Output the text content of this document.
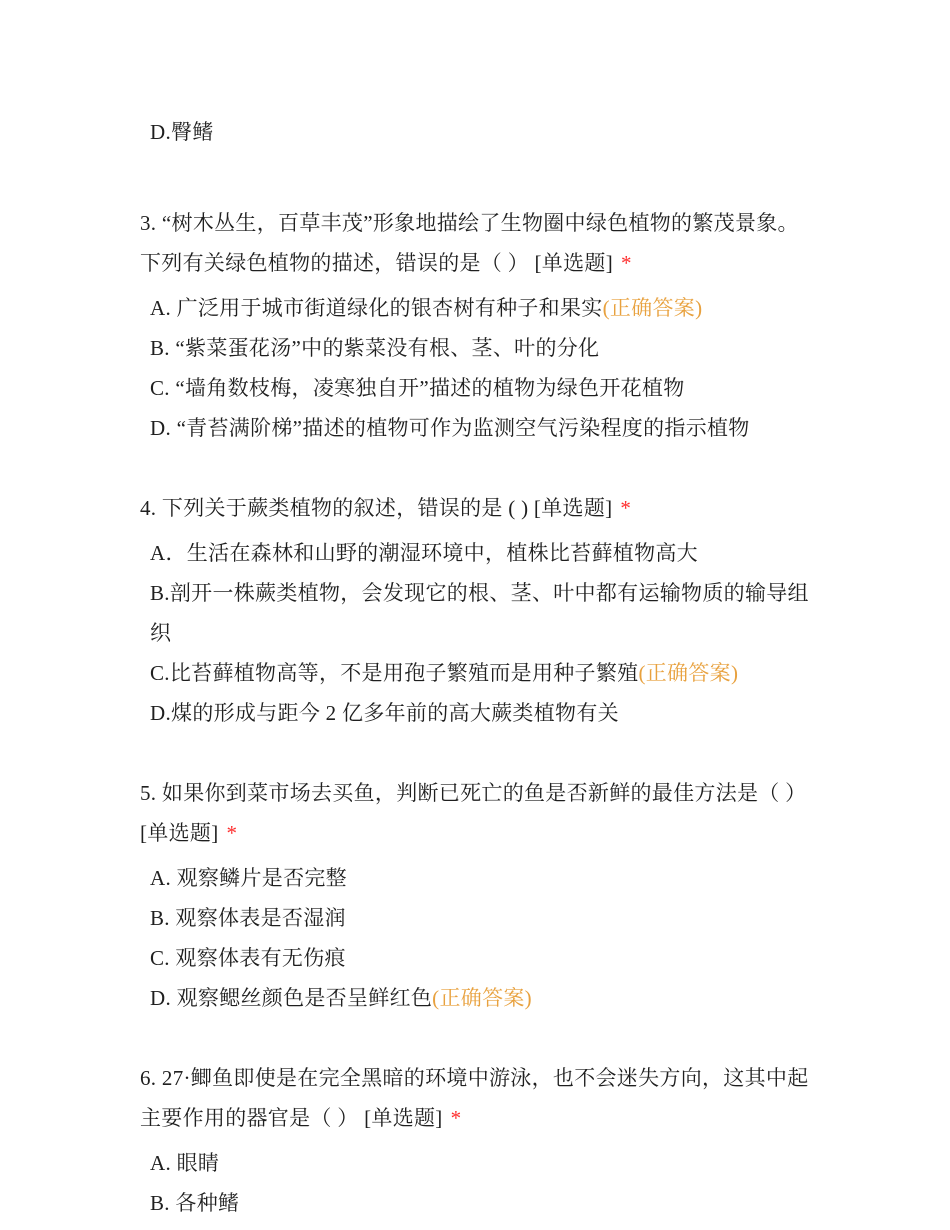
D.臀鳍

3. “树木丛生，百草丰茂”形象地描绘了生物圈中绿色植物的繁茂景象。下列有关绿色植物的描述，错误的是（ ） [单选题] *

A. 广泛用于城市街道绿化的银杏树有种子和果实(正确答案)

B. “紫菜蛋花汤”中的紫菜没有根、茎、叶的分化

C. “墙角数枝梅，凌寒独自开”描述的植物为绿色开花植物

D. “青苔满阶梯”描述的植物可作为监测空气污染程度的指示植物

4. 下列关于蕨类植物的叙述，错误的是 ( ) [单选题] *

A．生活在森林和山野的潮湿环境中，植株比苔藓植物高大

B.剖开一株蕨类植物，会发现它的根、茎、叶中都有运输物质的输导组织

C.比苔藓植物高等，不是用孢子繁殖而是用种子繁殖(正确答案)

D.煤的形成与距今 2 亿多年前的高大蕨类植物有关

5. 如果你到菜市场去买鱼，判断已死亡的鱼是否新鲜的最佳方法是（ ） [单选题] *

A. 观察鳞片是否完整

B. 观察体表是否湿润

C. 观察体表有无伤痕

D. 观察鳃丝颜色是否呈鲜红色(正确答案)

6. 27·鲫鱼即使是在完全黑暗的环境中游泳，也不会迷失方向，这其中起主要作用的器官是（ ） [单选题] *

A. 眼睛

B. 各种鳍
